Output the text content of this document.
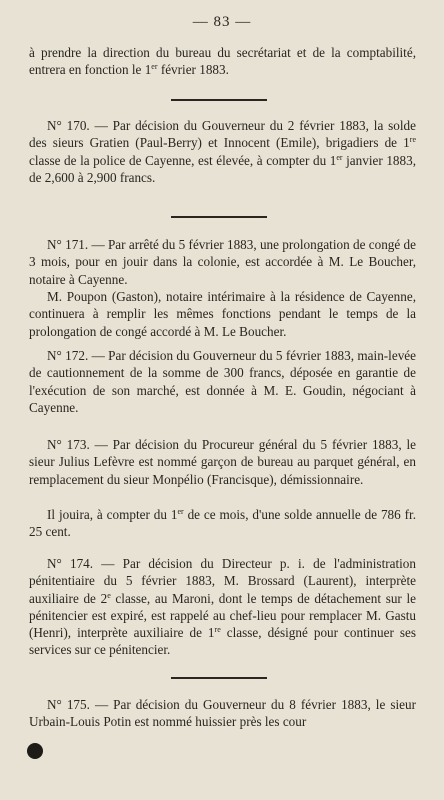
— 83 —

à prendre la direction du bureau du secrétariat et de la comptabilité, entrera en fonction le 1er février 1883.

N° 170. — Par décision du Gouverneur du 2 février 1883, la solde des sieurs Gratien (Paul-Berry) et Innocent (Emile), brigadiers de 1re classe de la police de Cayenne, est élevée, à compter du 1er janvier 1883, de 2,600 à 2,900 francs.

N° 171. — Par arrêté du 5 février 1883, une prolongation de congé de 3 mois, pour en jouir dans la colonie, est accordée à M. Le Boucher, notaire à Cayenne.

M. Poupon (Gaston), notaire intérimaire à la résidence de Cayenne, continuera à remplir les mêmes fonctions pendant le temps de la prolongation de congé accordé à M. Le Boucher.

N° 172. — Par décision du Gouverneur du 5 février 1883, main-levée de cautionnement de la somme de 300 francs, déposée en garantie de l'exécution de son marché, est donnée à M. E. Goudin, négociant à Cayenne.

N° 173. — Par décision du Procureur général du 5 février 1883, le sieur Julius Lefèvre est nommé garçon de bureau au parquet général, en remplacement du sieur Monpélio (Francisque), démissionnaire.

Il jouira, à compter du 1er de ce mois, d'une solde annuelle de 786 fr. 25 cent.

N° 174. — Par décision du Directeur p. i. de l'administration pénitentiaire du 5 février 1883, M. Brossard (Laurent), interprète auxiliaire de 2e classe, au Maroni, dont le temps de détachement sur le pénitencier est expiré, est rappelé au chef-lieu pour remplacer M. Gastu (Henri), interprète auxiliaire de 1re classe, désigné pour continuer ses services sur ce pénitencier.

N° 175. — Par décision du Gouverneur du 8 février 1883, le sieur Urbain-Louis Potin est nommé huissier près les cour
